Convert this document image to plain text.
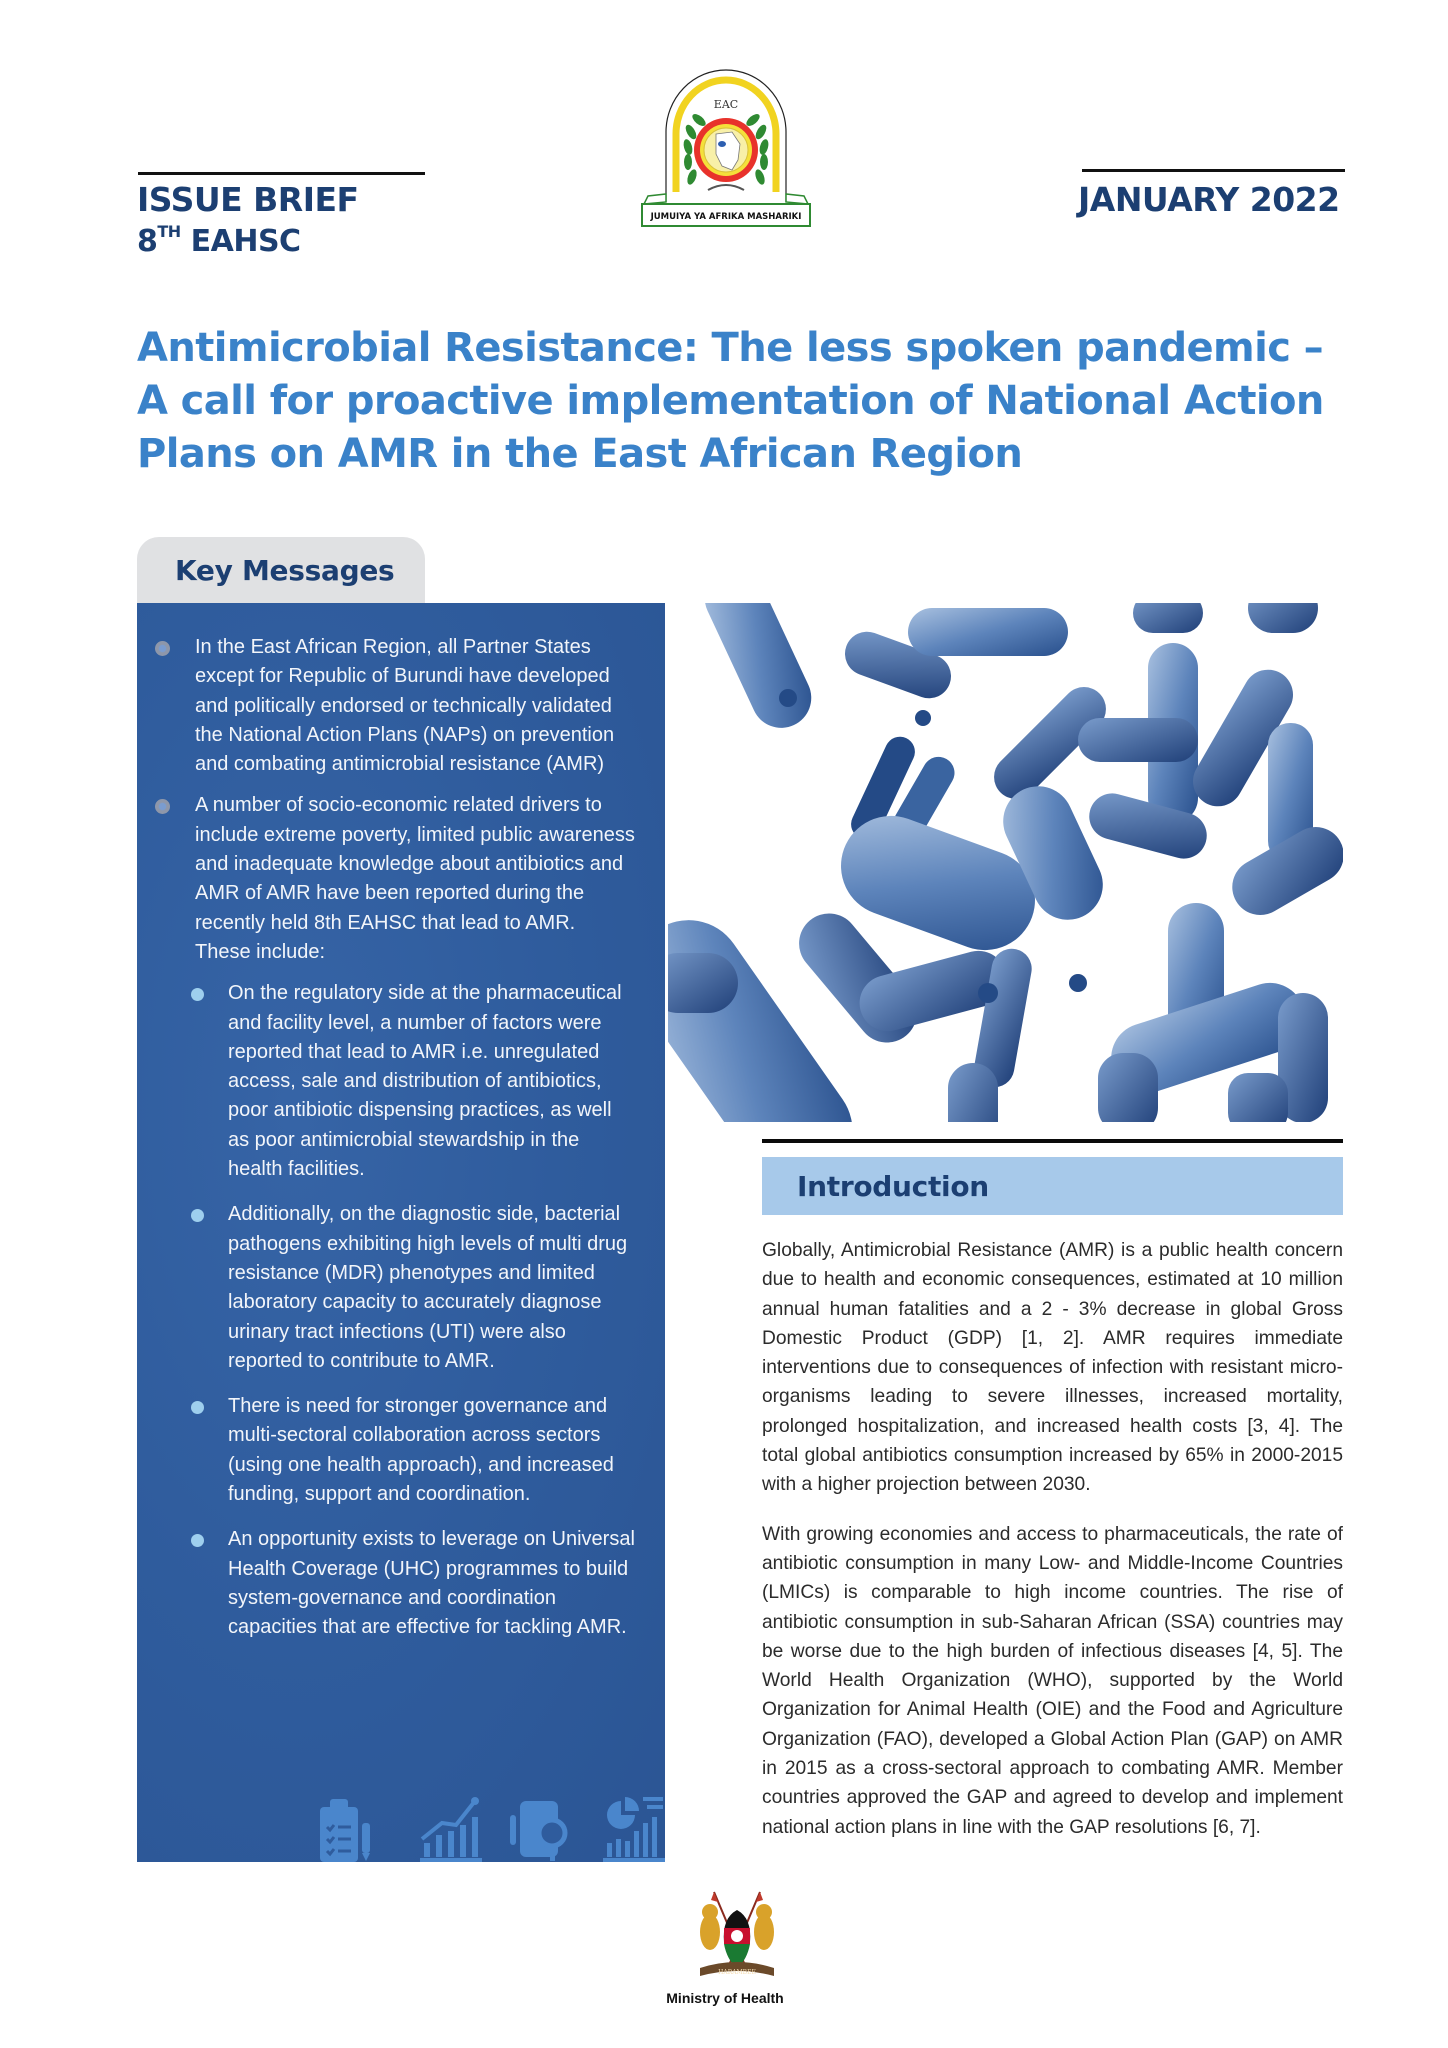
ISSUE BRIEF
8TH EAHSC
JANUARY 2022
EAC
JUMUIYA YA AFRIKA MASHARIKI
Antimicrobial Resistance: The less spoken pandemic –
A call for proactive implementation of National Action
Plans on AMR in the East African Region
Key Messages
In the East African Region, all Partner States except for Republic of Burundi have developed and politically endorsed or technically validated the National Action Plans (NAPs) on prevention and combating antimicrobial resistance (AMR)
A number of socio-economic related drivers to include extreme poverty, limited public awareness and inadequate knowledge about antibiotics and AMR of AMR have been reported during the recently held 8th EAHSC that lead to AMR. These include:
On the regulatory side at the pharmaceutical and facility level, a number of factors were reported that lead to AMR i.e. unregulated access, sale and distribution of antibiotics, poor antibiotic dispensing practices, as well as poor antimicrobial stewardship in the health facilities.
Additionally, on the diagnostic side, bacterial pathogens exhibiting high levels of multi drug resistance (MDR) phenotypes and limited laboratory capacity to accurately diagnose urinary tract infections (UTI) were also reported to contribute to AMR.
There is need for stronger governance and multi-sectoral collaboration across sectors (using one health approach), and increased funding, support and coordination.
An opportunity exists to leverage on Universal Health Coverage (UHC) programmes to build system-governance and coordination capacities that are effective for tackling AMR.
Introduction

Globally, Antimicrobial Resistance (AMR) is a public health concern due to health and economic consequences, estimated at 10 million annual human fatalities and a 2 - 3% decrease in global Gross Domestic Product (GDP) [1, 2]. AMR requires immediate interventions due to consequences of infection with resistant micro-organisms leading to severe illnesses, increased mortality, prolonged hospitalization, and increased health costs [3, 4]. The total global antibiotics consumption increased by 65% in 2000-2015 with a higher projection between 2030.

With growing economies and access to pharmaceuticals, the rate of antibiotic consumption in many Low- and Middle-Income Countries (LMICs) is comparable to high income countries. The rise of antibiotic consumption in sub-Saharan African (SSA) countries may be worse due to the high burden of infectious diseases [4, 5]. The World Health Organization (WHO), supported by the World Organization for Animal Health (OIE) and the Food and Agriculture Organization (FAO), developed a Global Action Plan (GAP) on AMR in 2015 as a cross-sectoral approach to combating AMR. Member countries approved the GAP and agreed to develop and implement national action plans in line with the GAP resolutions [6, 7].

HARAMBEE
Ministry of Health
